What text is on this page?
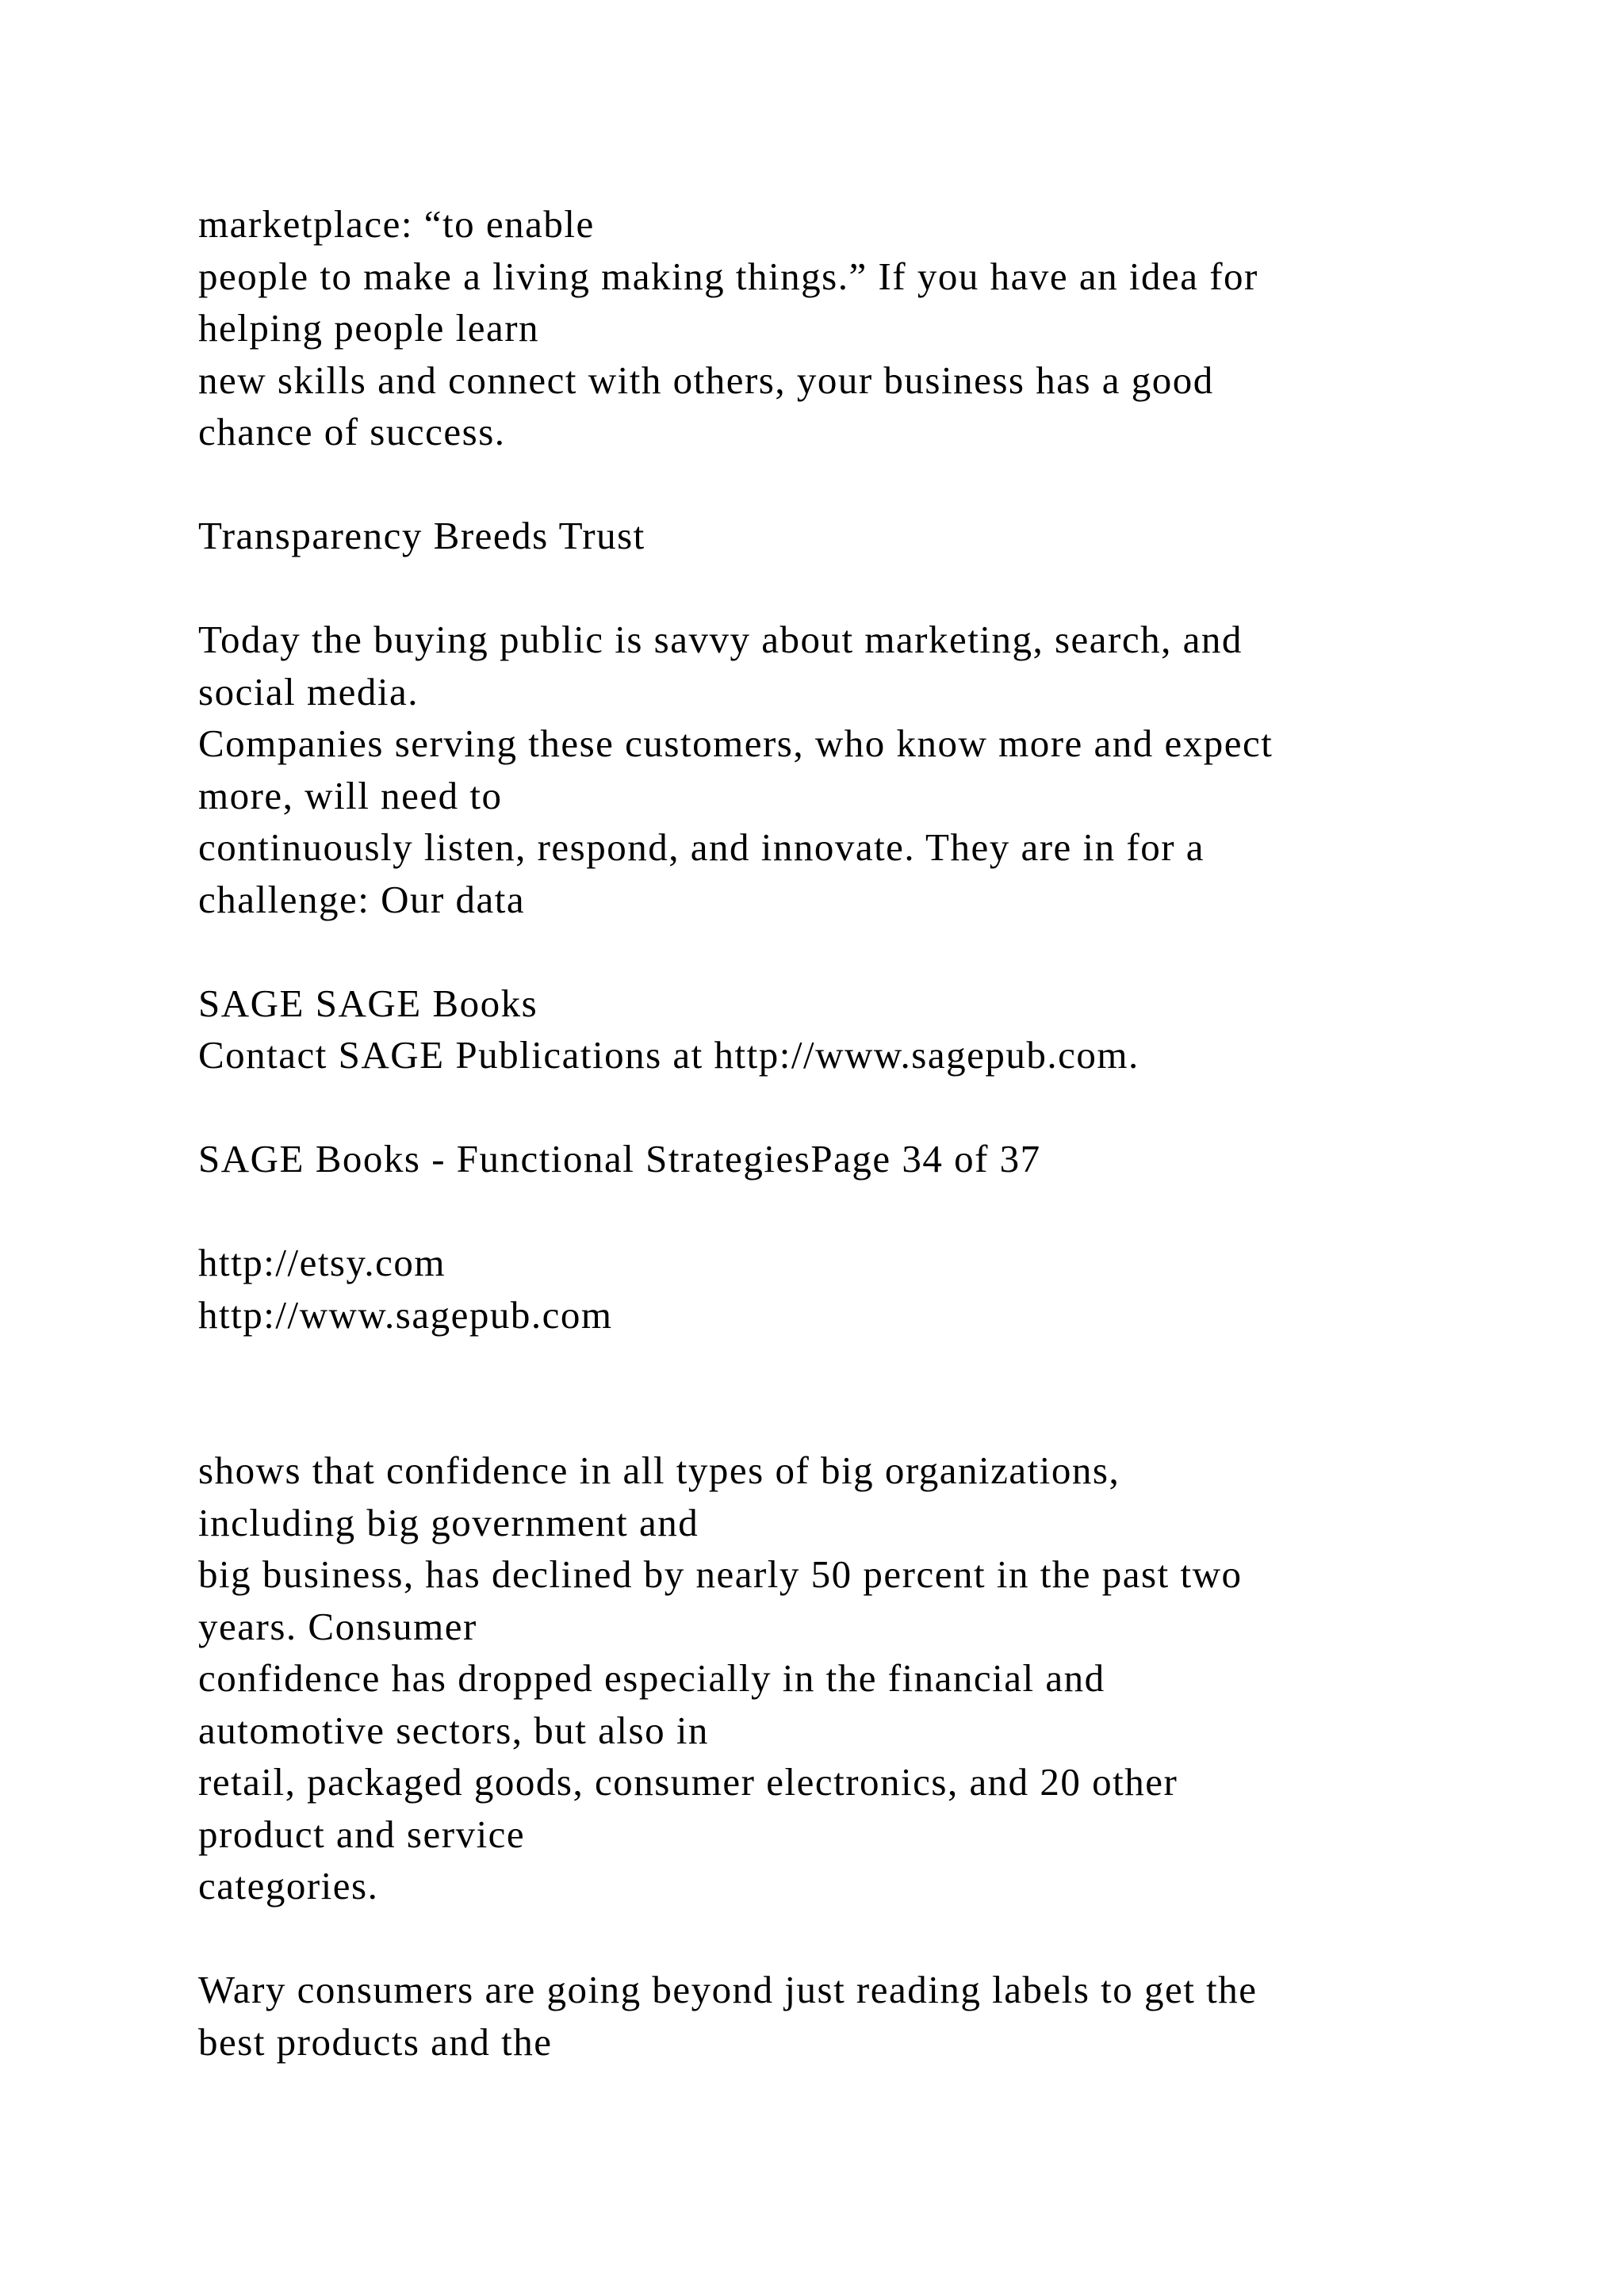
marketplace: “to enable
people to make a living making things.” If you have an idea for
helping people learn
new skills and connect with others, your business has a good
chance of success.
Transparency Breeds Trust
Today the buying public is savvy about marketing, search, and
social media.
Companies serving these customers, who know more and expect
more, will need to
continuously listen, respond, and innovate. They are in for a
challenge: Our data
SAGE SAGE Books
Contact SAGE Publications at http://www.sagepub.com.
SAGE Books - Functional StrategiesPage 34 of 37
http://etsy.com
http://www.sagepub.com
shows that confidence in all types of big organizations,
including big government and
big business, has declined by nearly 50 percent in the past two
years. Consumer
confidence has dropped especially in the financial and
automotive sectors, but also in
retail, packaged goods, consumer electronics, and 20 other
product and service
categories.
Wary consumers are going beyond just reading labels to get the
best products and the
